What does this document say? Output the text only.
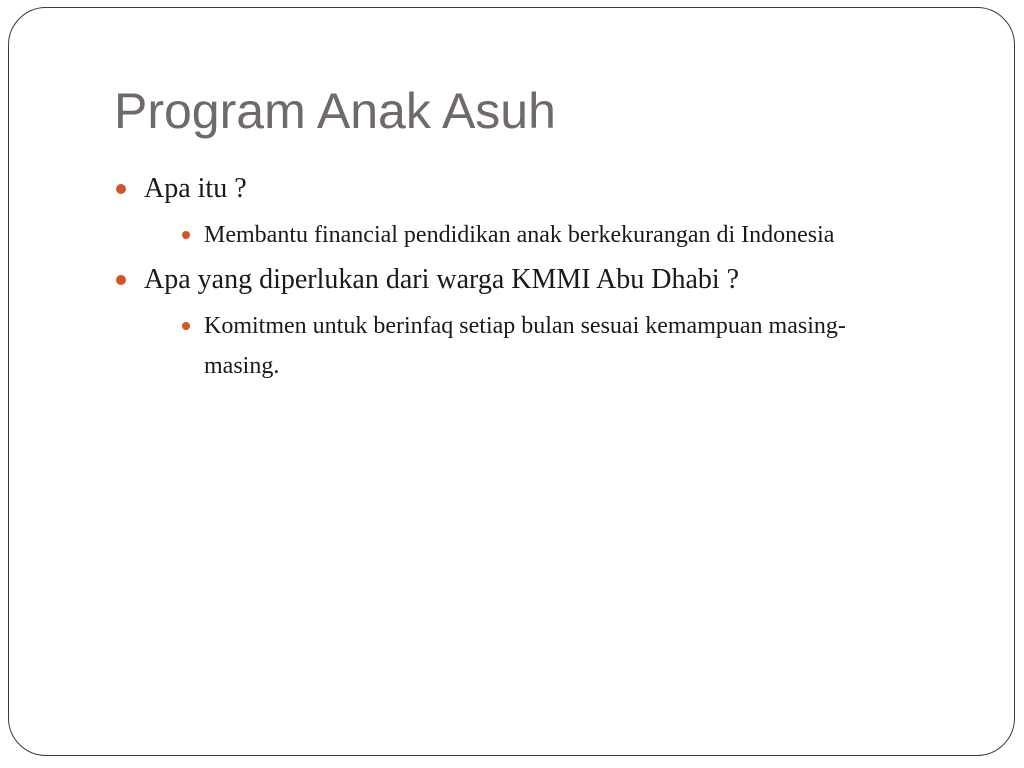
Program Anak Asuh
Apa itu ?
Membantu financial pendidikan anak berkekurangan di Indonesia
Apa yang diperlukan dari warga KMMI Abu Dhabi ?
Komitmen untuk berinfaq setiap bulan sesuai kemampuan masing-masing.
